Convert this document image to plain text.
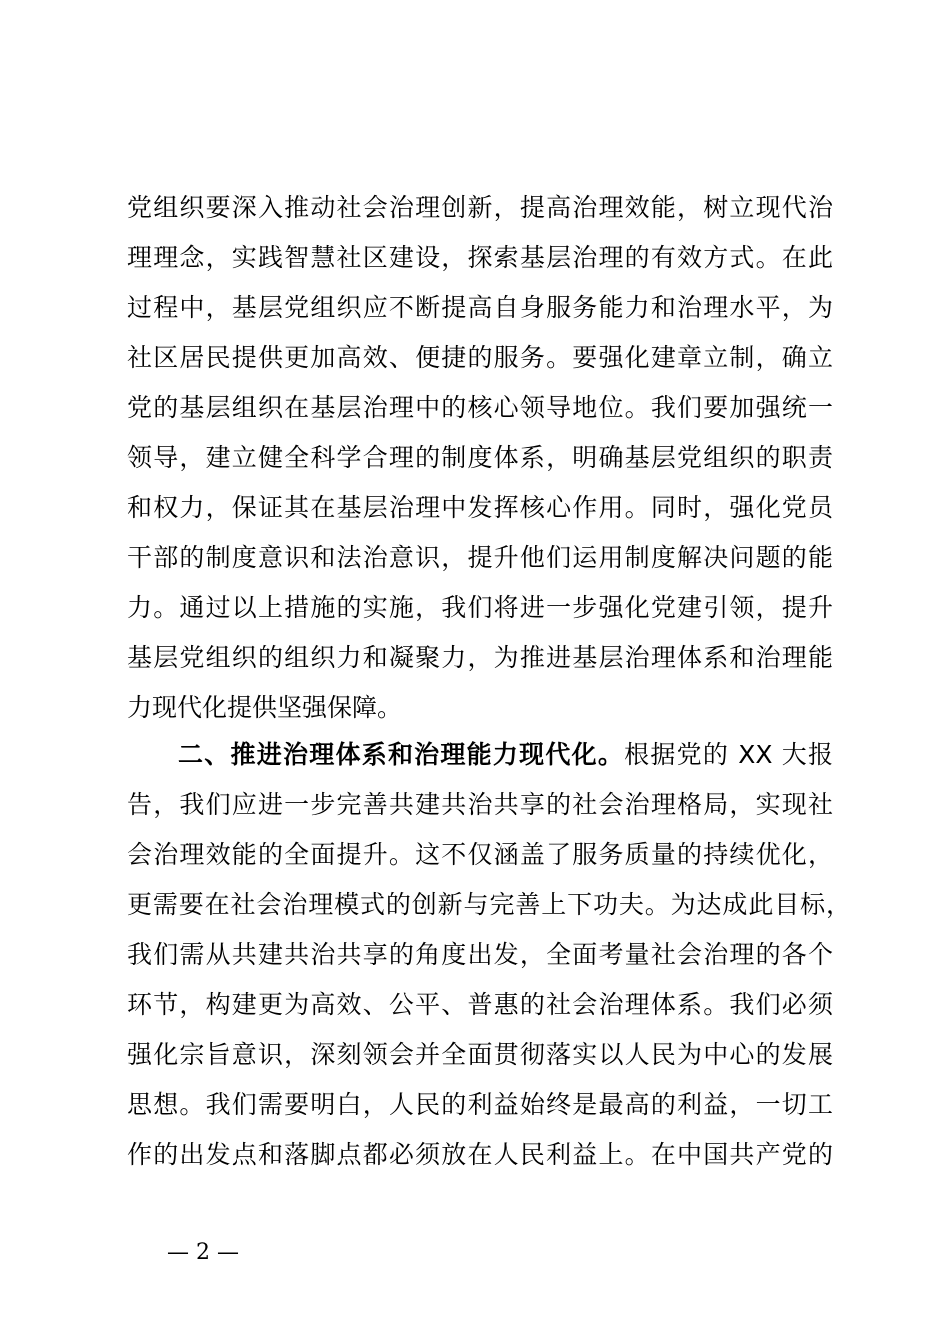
党组织要深入推动社会治理创新，提高治理效能，树立现代治
理理念，实践智慧社区建设，探索基层治理的有效方式。在此
过程中，基层党组织应不断提高自身服务能力和治理水平，为
社区居民提供更加高效、便捷的服务。要强化建章立制，确立
党的基层组织在基层治理中的核心领导地位。我们要加强统一
领导，建立健全科学合理的制度体系，明确基层党组织的职责
和权力，保证其在基层治理中发挥核心作用。同时，强化党员
干部的制度意识和法治意识，提升他们运用制度解决问题的能
力。通过以上措施的实施，我们将进一步强化党建引领，提升
基层党组织的组织力和凝聚力，为推进基层治理体系和治理能
力现代化提供坚强保障。
二、推进治理体系和治理能力现代化。根据党的 XX 大报
告，我们应进一步完善共建共治共享的社会治理格局，实现社
会治理效能的全面提升。这不仅涵盖了服务质量的持续优化，
更需要在社会治理模式的创新与完善上下功夫。为达成此目标，
我们需从共建共治共享的角度出发，全面考量社会治理的各个
环节，构建更为高效、公平、普惠的社会治理体系。我们必须
强化宗旨意识，深刻领会并全面贯彻落实以人民为中心的发展
思想。我们需要明白，人民的利益始终是最高的利益，一切工
作的出发点和落脚点都必须放在人民利益上。在中国共产党的
— 2 —
